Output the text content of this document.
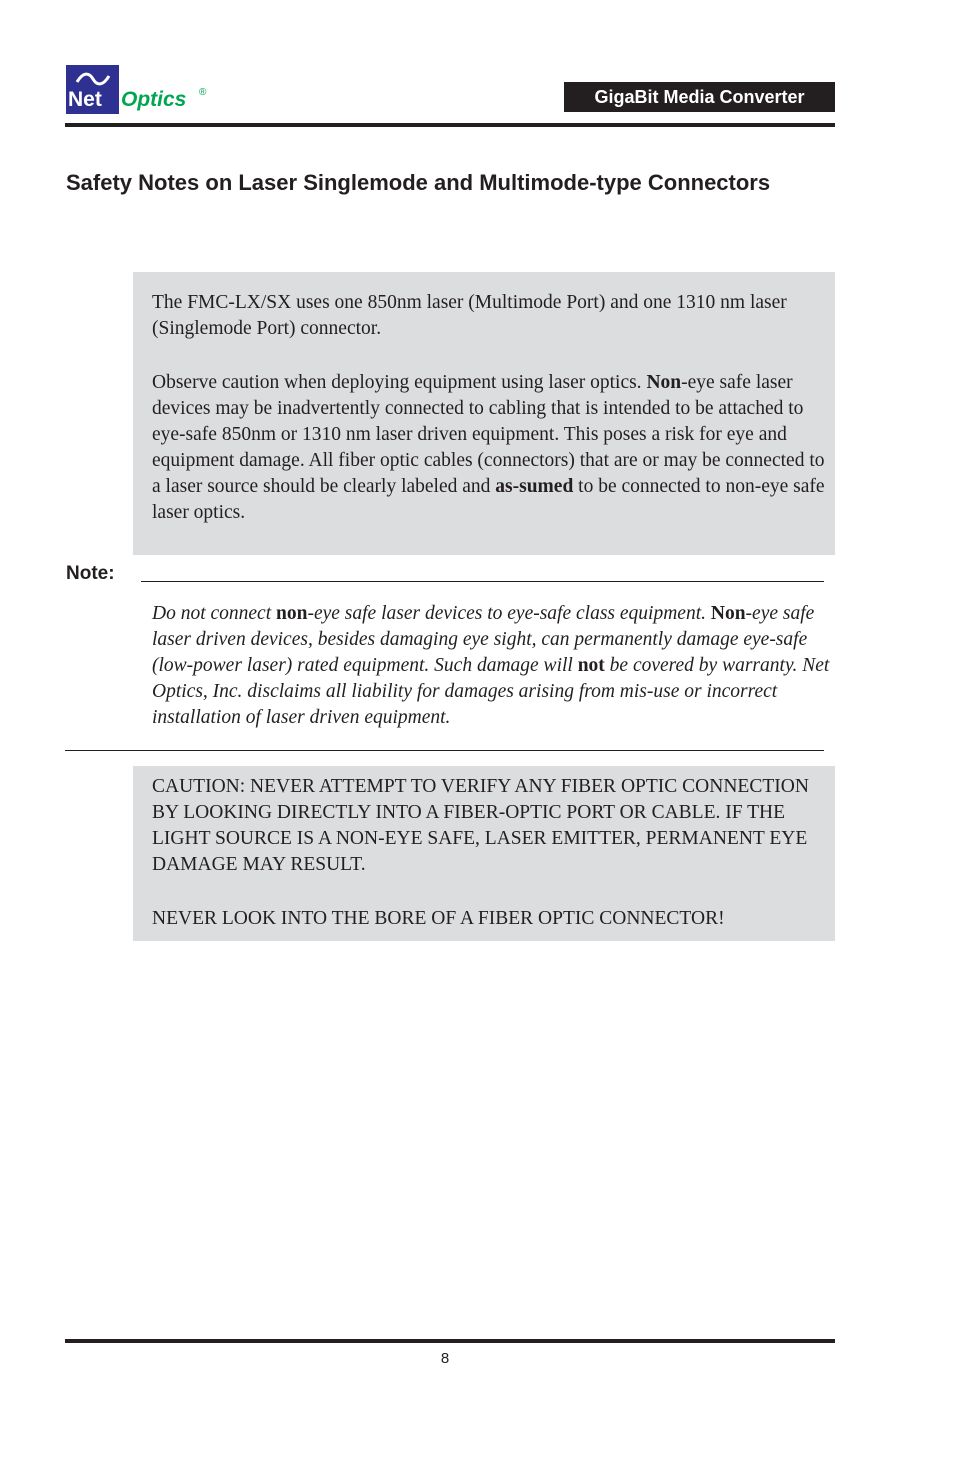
Net Optics ®	GigaBit Media Converter
Safety Notes on Laser Singlemode and Multimode-type Connectors

The FMC-LX/SX uses one 850nm laser (Multimode Port) and one 1310 nm laser (Singlemode Port) connector.

Observe caution when deploying equipment using laser optics. Non-eye safe laser devices may be inadvertently connected to cabling that is intended to be attached to eye-safe 850nm or 1310 nm laser driven equipment. This poses a risk for eye and equipment damage. All fiber optic cables (connectors) that are or may be connected to a laser source should be clearly labeled and as-sumed to be connected to non-eye safe laser optics.

Note:
Do not connect non-eye safe laser devices to eye-safe class equipment. Non-eye safe laser driven devices, besides damaging eye sight, can permanently damage eye-safe (low-power laser) rated equipment. Such damage will not be covered by warranty. Net Optics, Inc. disclaims all liability for damages arising from mis-use or incorrect installation of laser driven equipment.

CAUTION: NEVER ATTEMPT TO VERIFY ANY FIBER OPTIC CONNECTION BY LOOKING DIRECTLY INTO A FIBER-OPTIC PORT OR CABLE. IF THE LIGHT SOURCE IS A NON-EYE SAFE, LASER EMITTER, PERMANENT EYE DAMAGE MAY RESULT.

NEVER LOOK INTO THE BORE OF A FIBER OPTIC CONNECTOR!

8
